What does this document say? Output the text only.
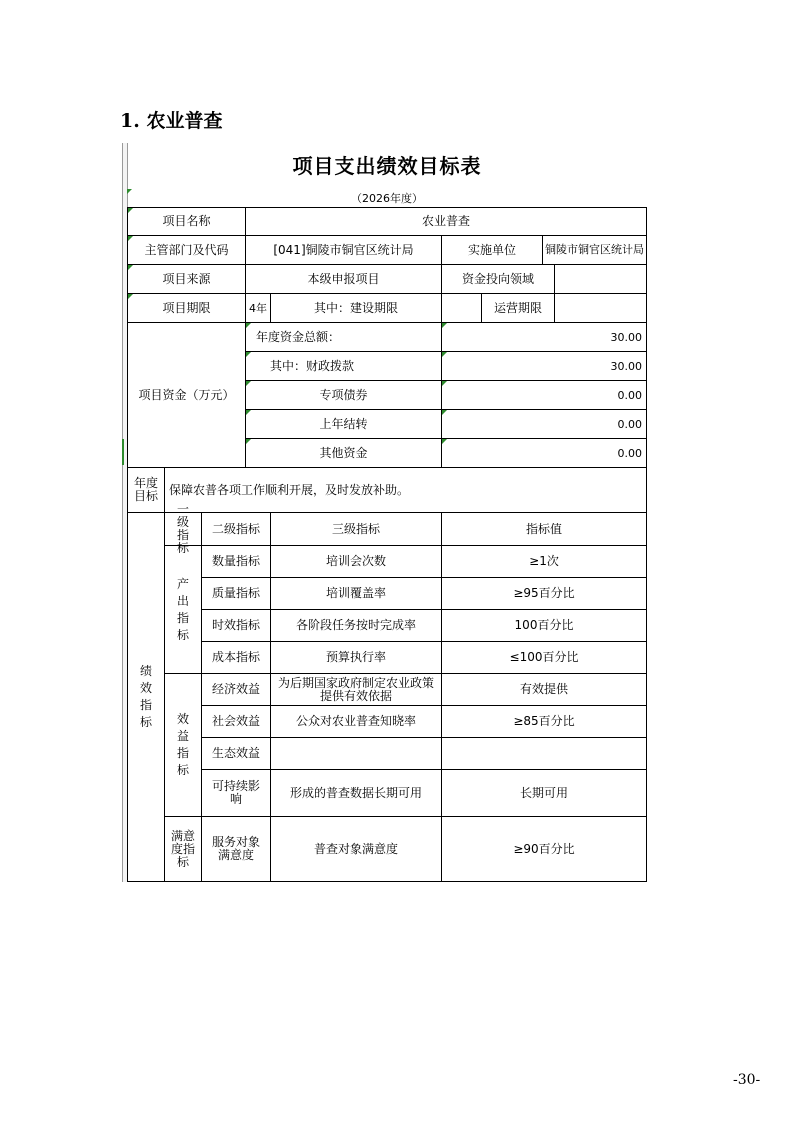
1. 农业普查
项目支出绩效目标表
（2026年度）
项目名称	农业普查
主管部门及代码	[041]铜陵市铜官区统计局	实施单位	铜陵市铜官区统计局
项目来源	本级申报项目	资金投向领域
项目期限	4年	其中：建设期限	运营期限
项目资金（万元）
年度资金总额：	30.00
其中：财政拨款	30.00
专项债券	0.00
上年结转	0.00
其他资金	0.00
年度目标 保障农普各项工作顺利开展，及时发放补助。
绩效指标
一级指标
二级指标	三级指标	指标值
产出指标
数量指标	培训会次数	≥1次
质量指标	培训覆盖率	≥95百分比
时效指标	各阶段任务按时完成率	100百分比
成本指标	预算执行率	≤100百分比
效益指标
经济效益	为后期国家政府制定农业政策提供有效依据	有效提供
社会效益	公众对农业普查知晓率	≥85百分比
生态效益
可持续影响	形成的普查数据长期可用	长期可用
满意度指标
服务对象满意度	普查对象满意度	≥90百分比
-30-
